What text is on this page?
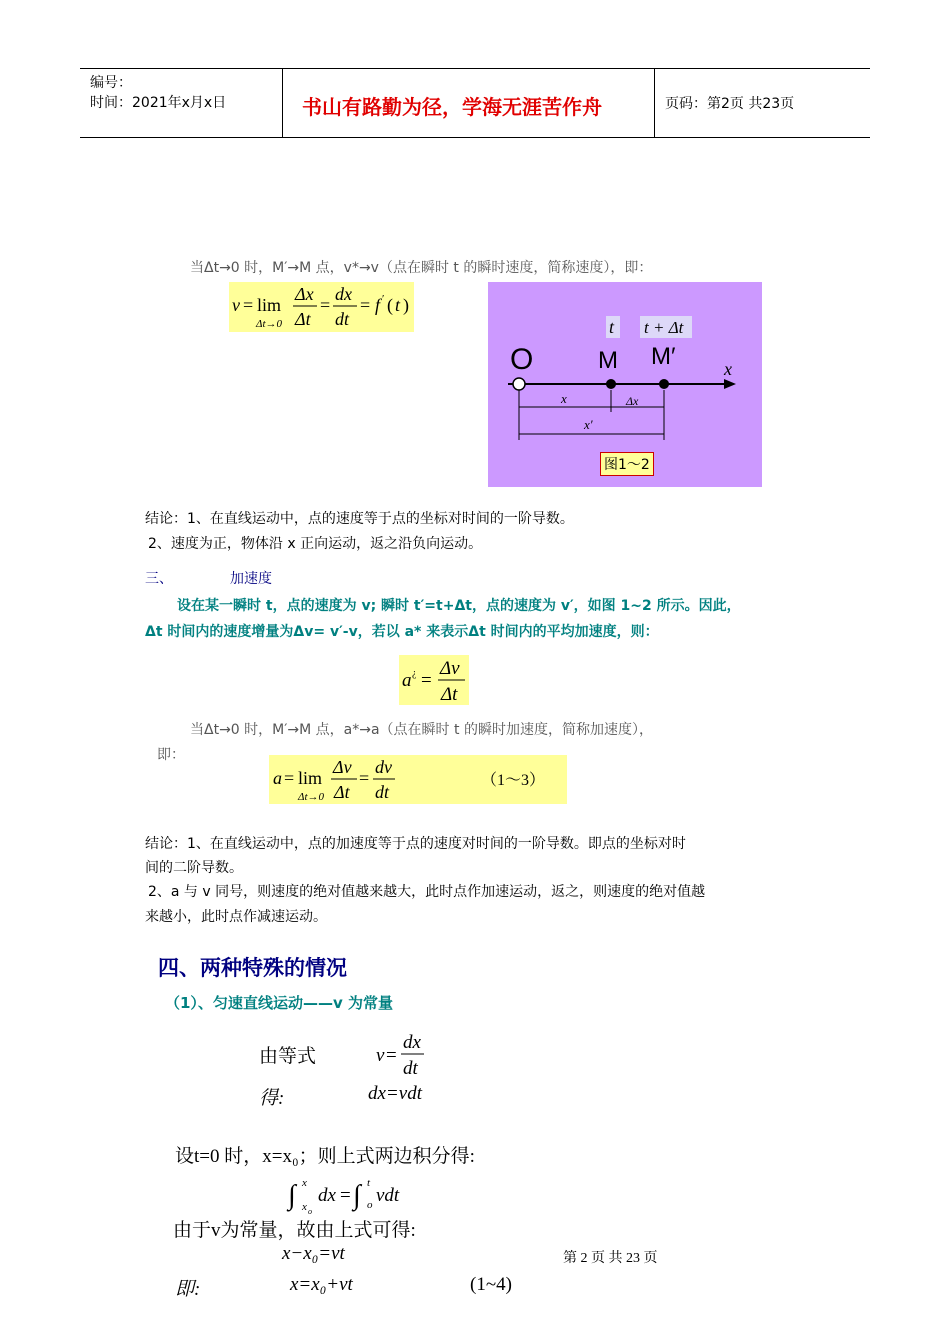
编号：
时间：2021年x月x日	书山有路勤为径，学海无涯苦作舟	页码：第2页 共23页
当Δt→0 时，M′→M 点，v*→v（点在瞬时 t 的瞬时速度，简称速度），即：
v = lim
Δt→0
Δx
Δt
=
dx
dt
= f ′ ( t )
t t + Δt
O	M M′	x
x	Δx
x′
图1～2
结论：1、在直线运动中，点的速度等于点的坐标对时间的一阶导数。
2、速度为正，物体沿 x 正向运动，返之沿负向运动。
三、	加速度
设在某一瞬时 t，点的速度为 v; 瞬时 t′=t+Δt，点的速度为 v′，如图 1~2 所示。因此，
Δt 时间内的速度增量为Δv= v′-v，若以 a* 来表示Δt 时间内的平均加速度，则：
a ¿ =
Δv
Δt
当Δt→0 时，M′→M 点，a*→a（点在瞬时 t 的瞬时加速度，简称加速度），
即：
a = lim
Δt→0
Δv
Δt
=
dv
dt
（1～3）
结论：1、在直线运动中，点的加速度等于点的速度对时间的一阶导数。即点的坐标对时
间的二阶导数。
2、a 与 v 同号，则速度的绝对值越来越大，此时点作加速运动，返之，则速度的绝对值越
来越小，此时点作减速运动。
四、两种特殊的情况
（1）、匀速直线运动——v 为常量
由等式	v =
dx
dt
得:	dx=vdt
设t=0 时，x=x₀；则上式两边积分得:
∫ x
x o
dx = ∫ t
o vdt
由于v为常量，故由上式可得:
x−x₀=vt	第 2 页 共 23 页
即:	x=x₀+vt	(1~4)
